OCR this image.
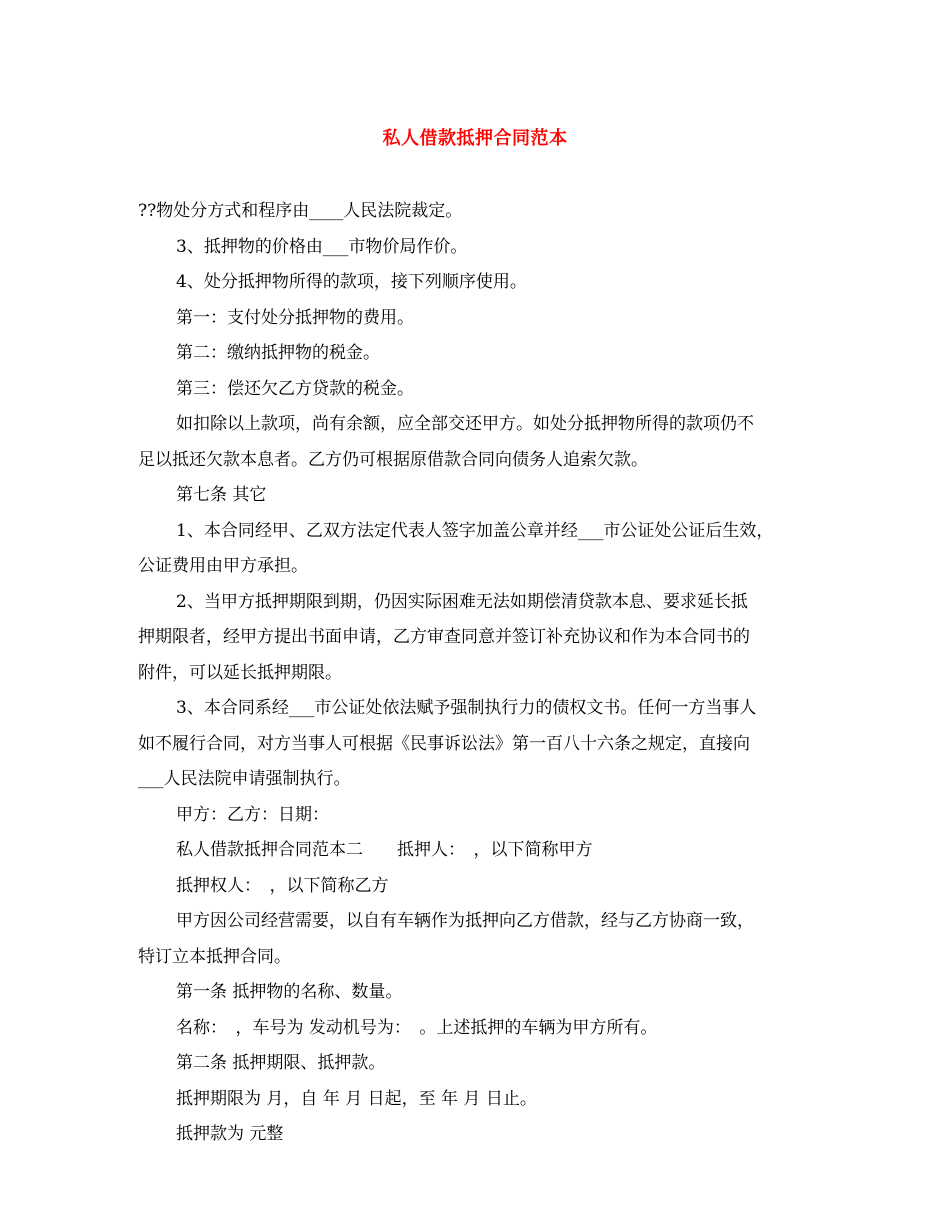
私人借款抵押合同范本
??物处分方式和程序由____人民法院裁定。
3、抵押物的价格由___市物价局作价。
4、处分抵押物所得的款项，接下列顺序使用。
第一：支付处分抵押物的费用。
第二：缴纳抵押物的税金。
第三：偿还欠乙方贷款的税金。
如扣除以上款项，尚有余额，应全部交还甲方。如处分抵押物所得的款项仍不
足以抵还欠款本息者。乙方仍可根据原借款合同向债务人追索欠款。
第七条 其它
1、本合同经甲、乙双方法定代表人签字加盖公章并经___市公证处公证后生效，
公证费用由甲方承担。
2、当甲方抵押期限到期，仍因实际困难无法如期偿清贷款本息、要求延长抵
押期限者，经甲方提出书面申请，乙方审查同意并签订补充协议和作为本合同书的
附件，可以延长抵押期限。
3、本合同系经___市公证处依法赋予强制执行力的债权文书。任何一方当事人
如不履行合同，对方当事人可根据《民事诉讼法》第一百八十六条之规定，直接向
___人民法院申请强制执行。
甲方：乙方：日期：
私人借款抵押合同范本二　　抵押人：　，以下简称甲方
抵押权人：　，以下简称乙方
甲方因公司经营需要，以自有车辆作为抵押向乙方借款，经与乙方协商一致，
特订立本抵押合同。
第一条 抵押物的名称、数量。
名称：　，车号为 发动机号为：　。上述抵押的车辆为甲方所有。
第二条 抵押期限、抵押款。
抵押期限为 月，自 年 月 日起，至 年 月 日止。
抵押款为 元整
